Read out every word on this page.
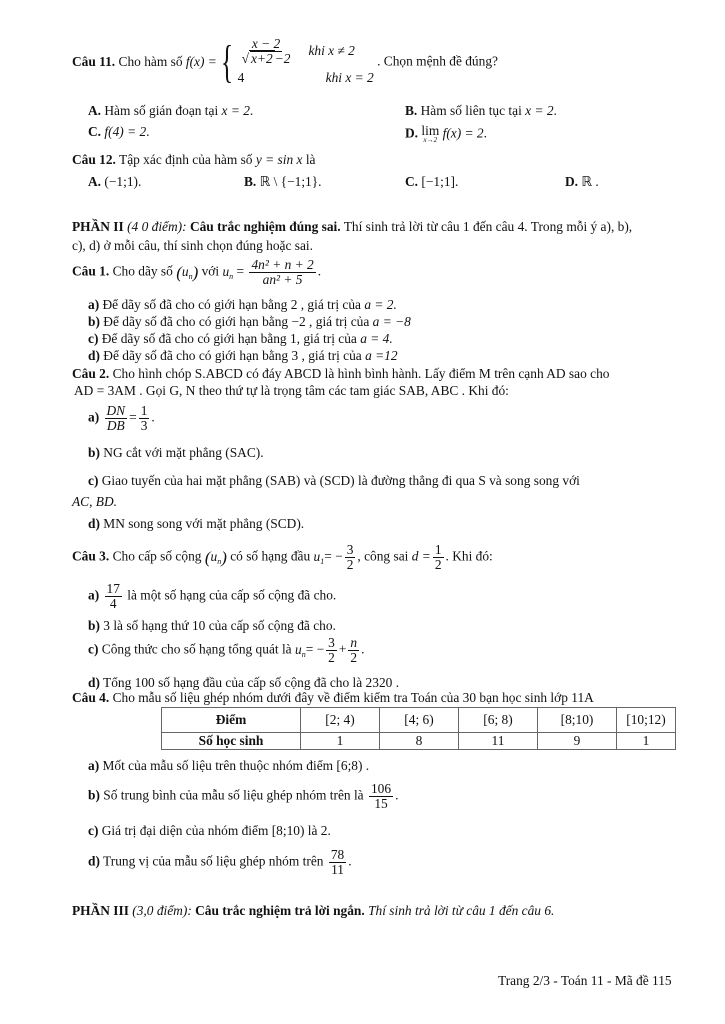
Câu 11. Cho hàm số f(x) = { $\frac{x - 2}{√ x+2 -2}$ khi x ≠ 2
4	khi x = 2
. Chọn mệnh đề đúng?
A. Hàm số gián đoạn tại x = 2.	B. Hàm số liên tục tại x = 2.
C. f(4) = 2.	D. lim
x→2
f(x) = 2.
Câu 12. Tập xác định của hàm số y = sin x là
A. (−1;1).	B. ℝ \ {−1;1}.	C. [−1;1].	D. ℝ .
PHẦN II (4 0 điểm): Câu trắc nghiệm đúng sai. Thí sinh trả lời từ câu 1 đến câu 4. Trong mỗi ý a), b),
c), d) ở mỗi câu, thí sinh chọn đúng hoặc sai.
Câu 1. Cho dãy số $(u_n)$ với $u_n = \frac{\text{4n² + n + 2}}{\text{an² + 5}}$ .
a) Để dãy số đã cho có giới hạn bằng 2 , giá trị của a = 2.
b) Để dãy số đã cho có giới hạn bằng −2 , giá trị của a = −8
c) Để dãy số đã cho có giới hạn bằng 1, giá trị của a = 4.
d) Để dãy số đã cho có giới hạn bằng 3 , giá trị của a =12
Câu 2. Cho hình chóp S.ABCD có đáy ABCD là hình bình hành. Lấy điểm M trên cạnh AD sao cho
AD = 3AM . Gọi G, N theo thứ tự là trọng tâm các tam giác SAB, ABC . Khi đó:
$a) \frac{DN}{DB} = \frac{1}{3}$ .
b) NG cắt với mặt phẳng (SAC).
c) Giao tuyến của hai mặt phẳng (SAB) và (SCD) là đường thẳng đi qua S và song song với
AC, BD.
d) MN song song với mặt phẳng (SCD).
Câu 3. Cho cấp số cộng $(u_n)$ có số hạng đầu $u_1= - \frac{3}{2}$ , công sai $d = \frac{1}{2}$ . Khi đó:
$a) \frac{17}{4}$ là một số hạng của cấp số cộng đã cho.
b) 3 là số hạng thứ 10 của cấp số cộng đã cho.
c) Công thức cho số hạng tổng quát là $u_n= - \frac{3}{2} + \frac{n}{2}$ .
d) Tổng 100 số hạng đầu của cấp số cộng đã cho là 2320 .
Câu 4. Cho mẫu số liệu ghép nhóm dưới đây về điểm kiểm tra Toán của 30 bạn học sinh lớp 11A
Điểm	[2; 4)	[4; 6)	[6; 8)	[8;10)	[10;12)
Số học sinh	1	8	11	9	1
a) Mốt của mẫu số liệu trên thuộc nhóm điểm [6;8) .
b) Số trung bình của mẫu số liệu ghép nhóm trên là $\frac{106}{15}$ .
c) Giá trị đại diện của nhóm điểm [8;10) là 2.
d) Trung vị của mẫu số liệu ghép nhóm trên $\frac{78}{11}$ .
PHẦN III (3,0 điểm): Câu trắc nghiệm trả lời ngắn. Thí sinh trả lời từ câu 1 đến câu 6.
Trang 2/3 - Toán 11 - Mã đề 115
